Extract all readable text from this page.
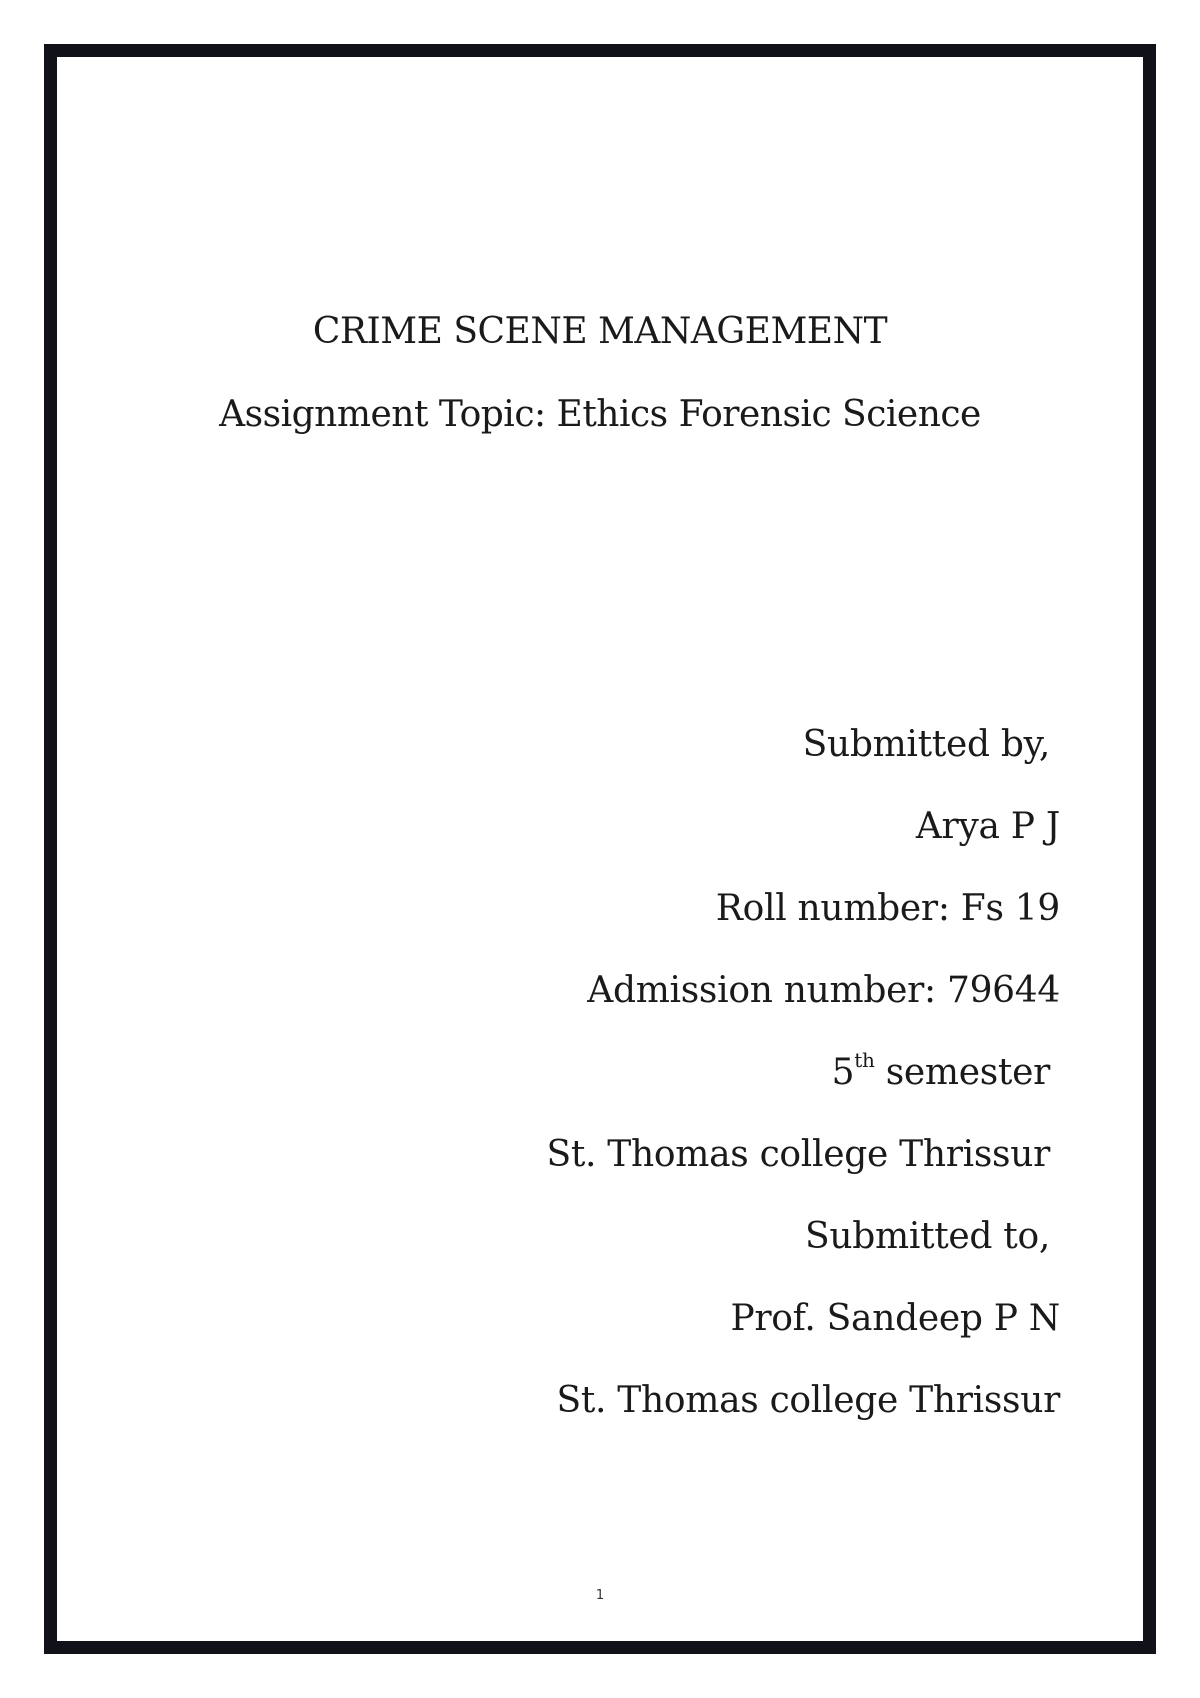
CRIME SCENE MANAGEMENT
Assignment Topic: Ethics Forensic Science
Submitted by,
Arya P J
Roll number: Fs 19
Admission number: 79644
5th semester
St. Thomas college Thrissur
Submitted to,
Prof. Sandeep P N
St. Thomas college Thrissur
1
